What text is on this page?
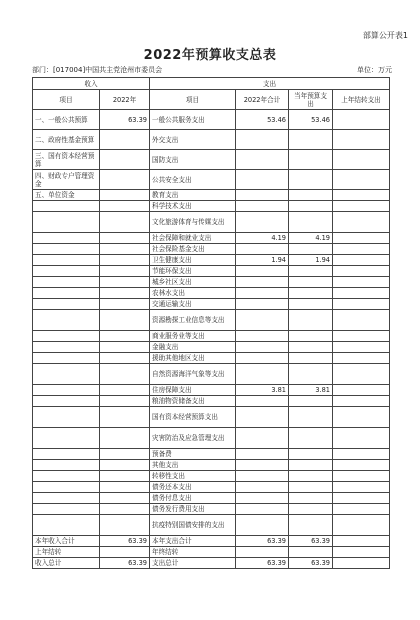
部算公开表1
2022年预算收支总表
部门：[017004]中国共主党沧州市委员会	单位：万元
收入		支出			
项目	2022年	项目	2022年合计	当年预算支出	上年结转支出
一、一般公共预算	63.39	一般公共服务支出	53.46	53.46	
二、政府性基金预算		外交支出			
三、国有资本经营预算		国防支出			
四、财政专户管理资金		公共安全支出			
五、单位资金		教育支出			
		科学技术支出			
		文化旅游体育与传媒支出			
		社会保障和就业支出	4.19	4.19	
		社会保险基金支出			
		卫生健康支出	1.94	1.94	
		节能环保支出			
		城乡社区支出			
		农林水支出			
		交通运输支出			
		资源勘探工业信息等支出			
		商业服务业等支出			
		金融支出			
		援助其他地区支出			
		自然资源海洋气象等支出			
		住房保障支出	3.81	3.81	
		粮油物资储备支出			
		国有资本经营预算支出			
		灾害防治及应急管理支出			
		预备费			
		其他支出			
		转移性支出			
		债务还本支出			
		债务付息支出			
		债务发行费用支出			
		抗疫特别国债安排的支出			
本年收入合计	63.39	本年支出合计	63.39	63.39	
上年结转		年终结转			
收入总计	63.39	支出总计	63.39	63.39	
